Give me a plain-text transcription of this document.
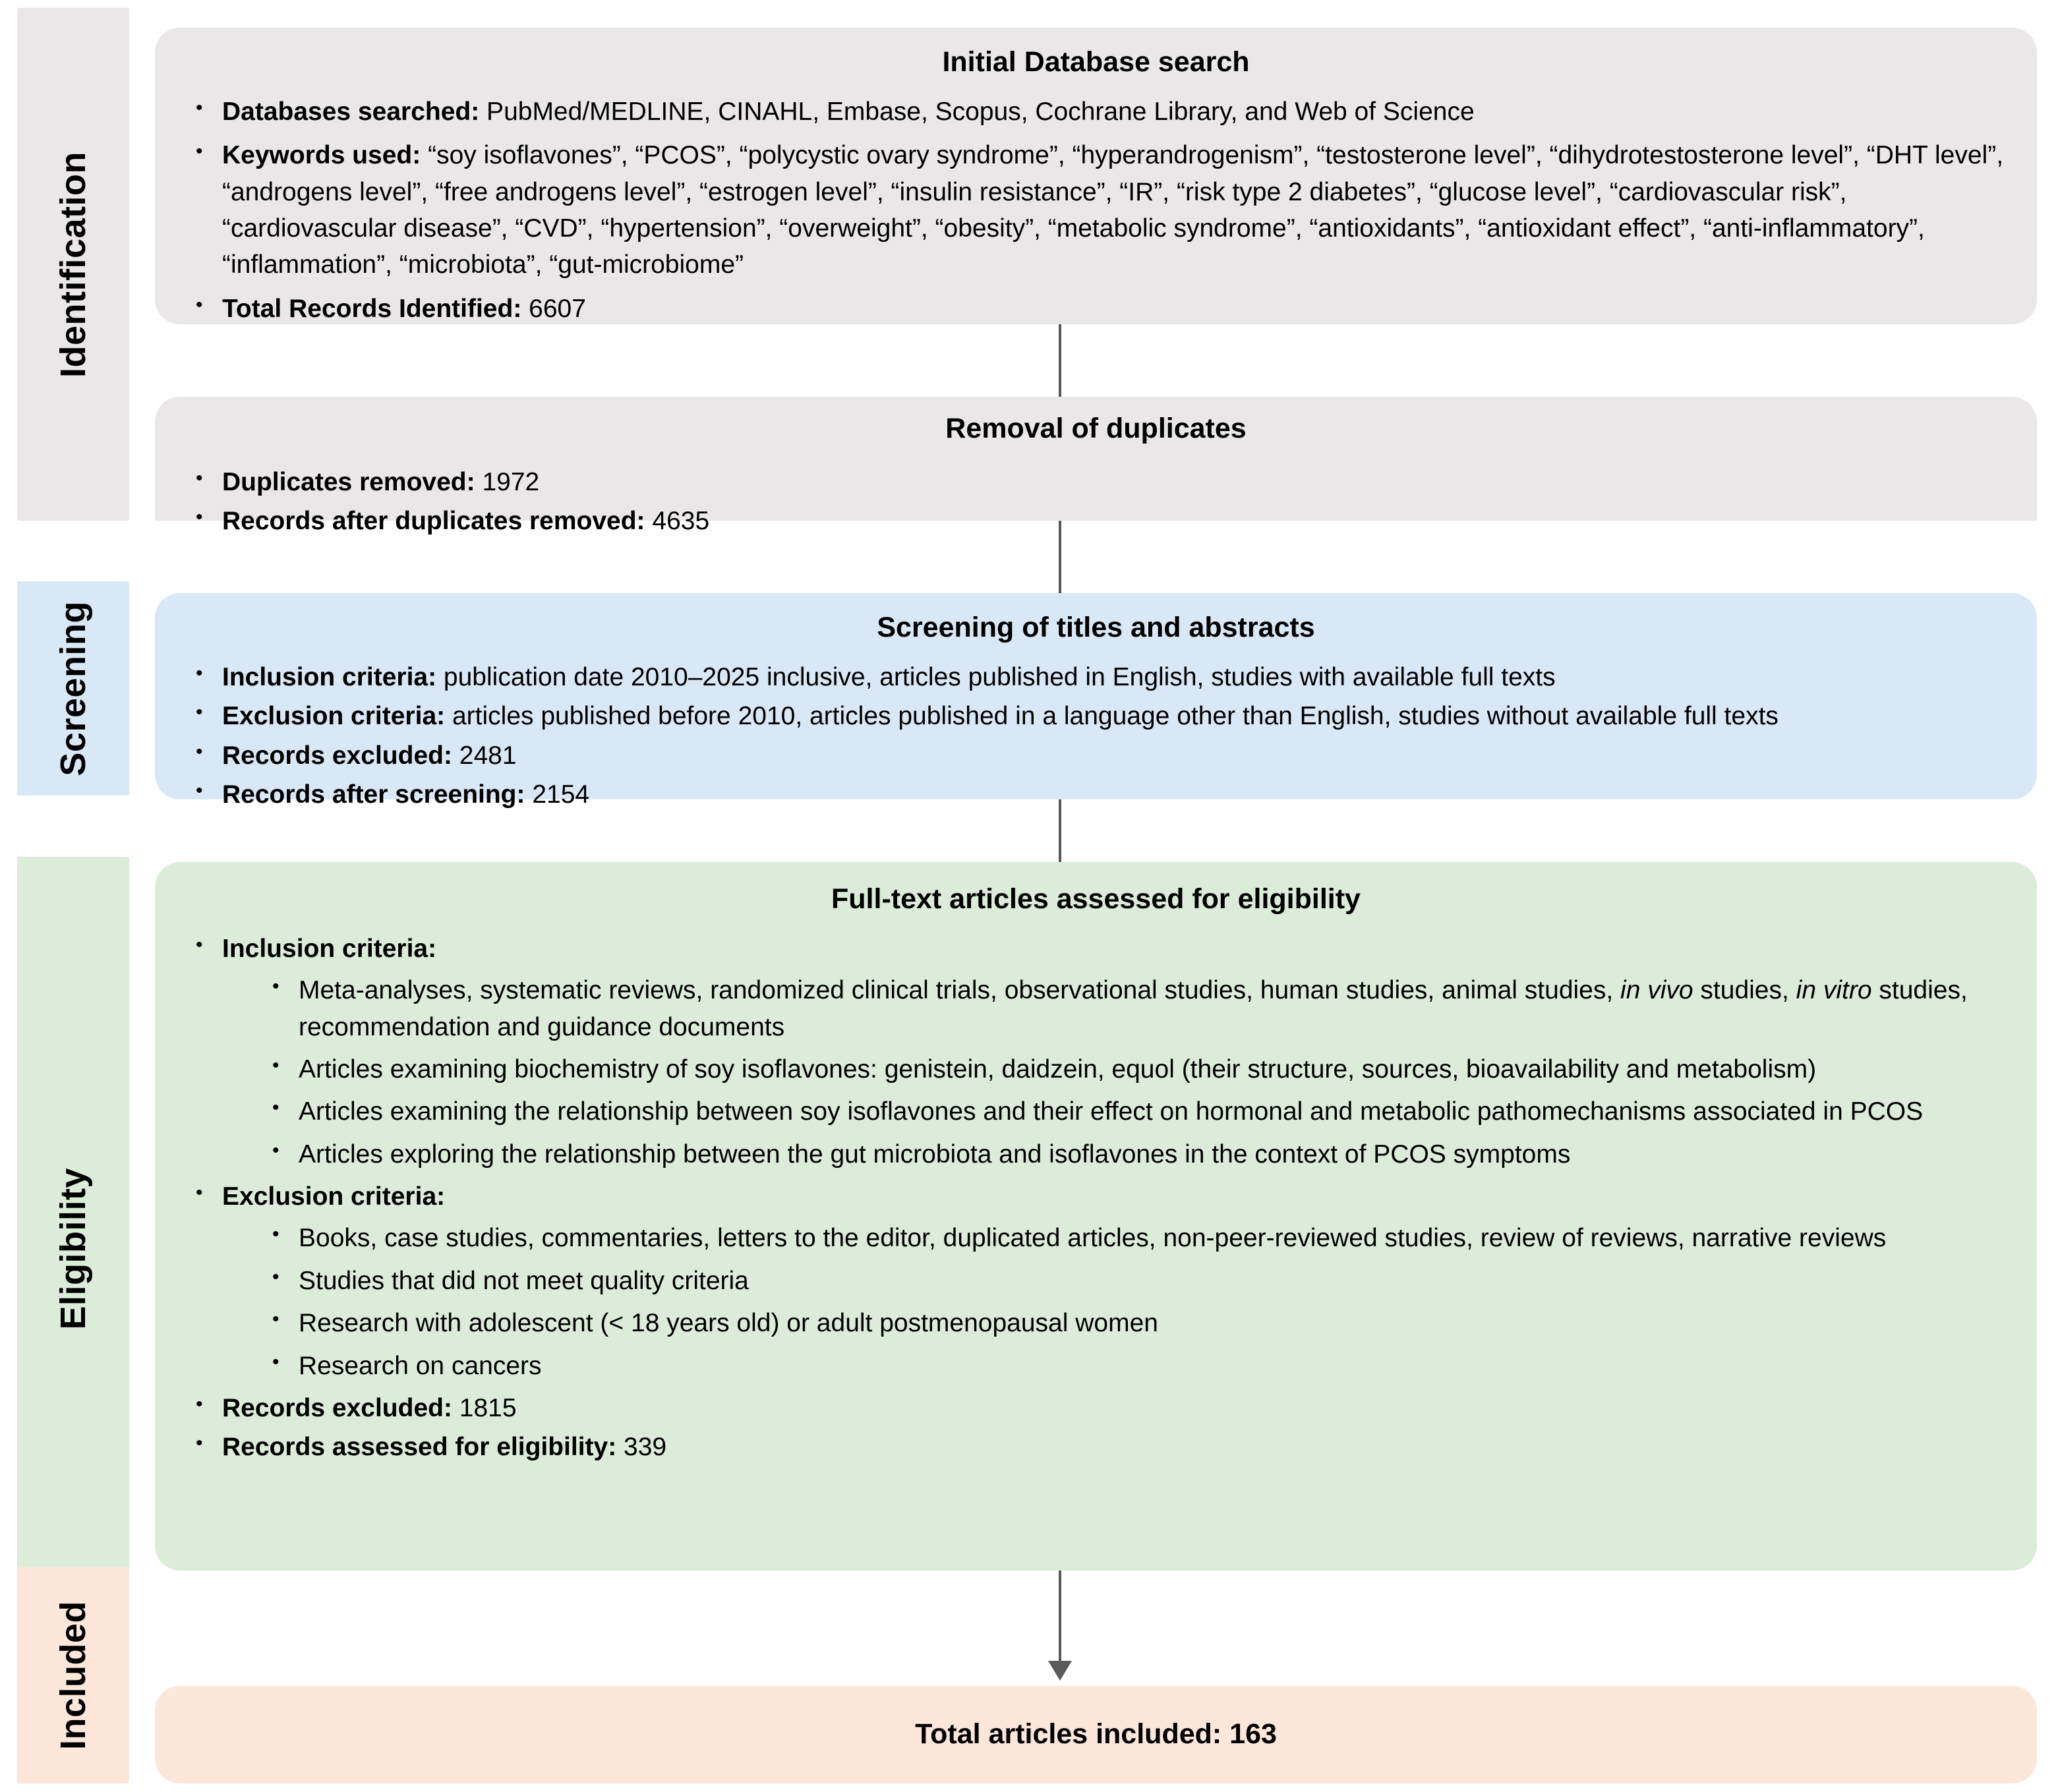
Identification
Screening
Eligibility
Included
Initial Database search
• Databases searched: PubMed/MEDLINE, CINAHL, Embase, Scopus, Cochrane Library, and Web of Science
• Keywords used: “soy isoflavones”, “PCOS”, “polycystic ovary syndrome”, “hyperandrogenism”, “testosterone level”, “dihydrotestosterone level”, “DHT level”, “androgens level”, “free androgens level”, “estrogen level”, “insulin resistance”, “IR”, “risk type 2 diabetes”, “glucose level”, “cardiovascular risk”, “cardiovascular disease”, “CVD”, “hypertension”, “overweight”, “obesity”, “metabolic syndrome”, “antioxidants”, “antioxidant effect”, “anti-inflammatory”, “inflammation”, “microbiota”, “gut-microbiome”
• Total Records Identified: 6607
Removal of duplicates
• Duplicates removed: 1972
• Records after duplicates removed: 4635
Screening of titles and abstracts
• Inclusion criteria: publication date 2010–2025 inclusive, articles published in English, studies with available full texts
• Exclusion criteria: articles published before 2010, articles published in a language other than English, studies without available full texts
• Records excluded: 2481
• Records after screening: 2154
Full-text articles assessed for eligibility
• Inclusion criteria:
• Meta-analyses, systematic reviews, randomized clinical trials, observational studies, human studies, animal studies, in vivo studies, in vitro studies, recommendation and guidance documents
• Articles examining biochemistry of soy isoflavones: genistein, daidzein, equol (their structure, sources, bioavailability and metabolism)
• Articles examining the relationship between soy isoflavones and their effect on hormonal and metabolic pathomechanisms associated in PCOS
• Articles exploring the relationship between the gut microbiota and isoflavones in the context of PCOS symptoms
• Exclusion criteria:
• Books, case studies, commentaries, letters to the editor, duplicated articles, non-peer-reviewed studies, review of reviews, narrative reviews
• Studies that did not meet quality criteria
• Research with adolescent (< 18 years old) or adult postmenopausal women
• Research on cancers
• Records excluded: 1815
• Records assessed for eligibility: 339
Total articles included: 163
